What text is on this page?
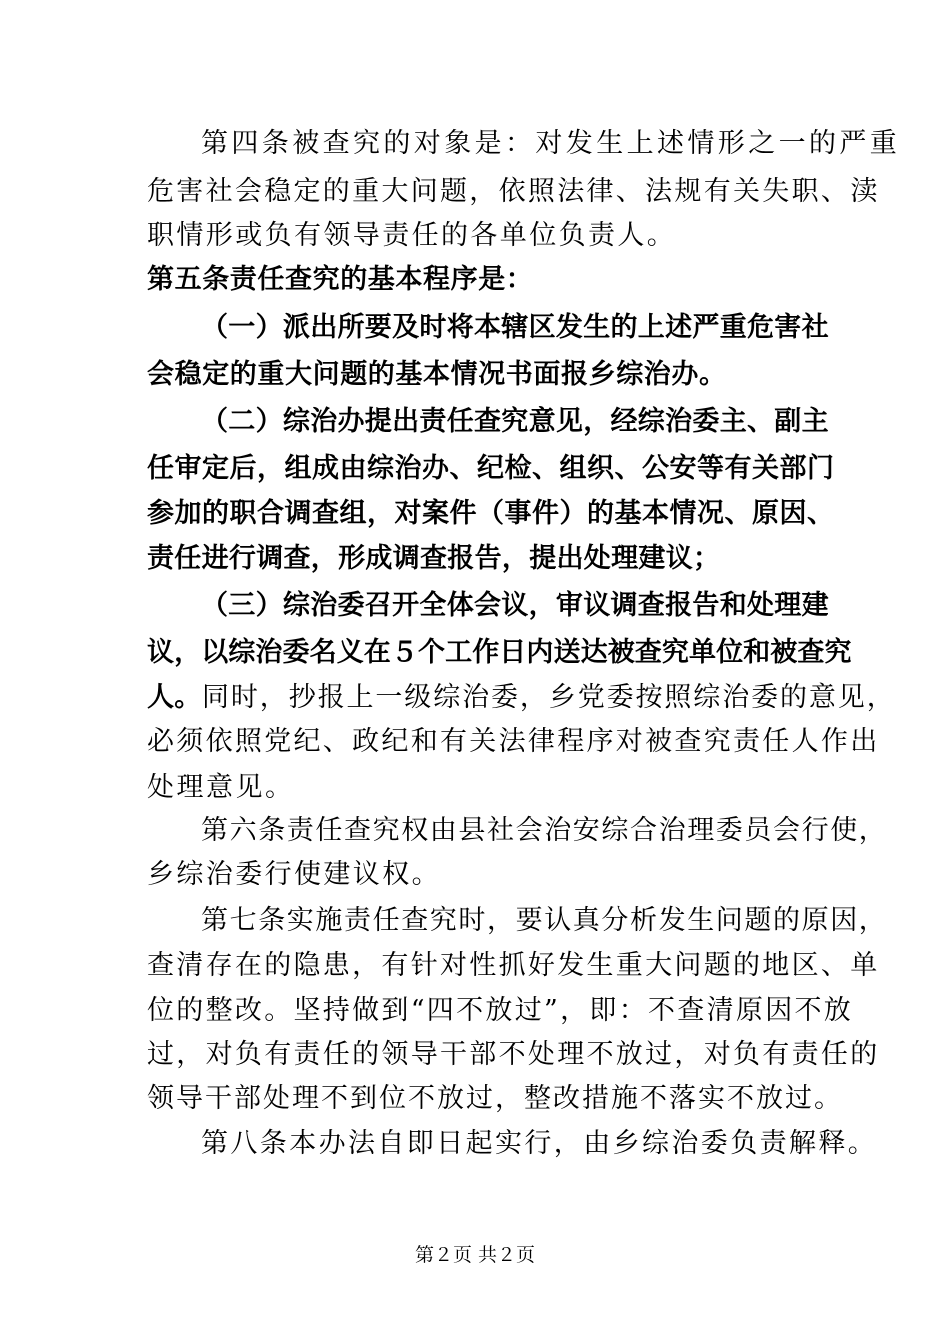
第四条被查究的对象是：对发生上述情形之一的严重
危害社会稳定的重大问题，依照法律、法规有关失职、渎
职情形或负有领导责任的各单位负责人。
第五条责任查究的基本程序是：
（一）派出所要及时将本辖区发生的上述严重危害社
会稳定的重大问题的基本情况书面报乡综治办。
（二）综治办提出责任查究意见，经综治委主、副主
任审定后，组成由综治办、纪检、组织、公安等有关部门
参加的职合调查组，对案件（事件）的基本情况、原因、
责任进行调查，形成调查报告，提出处理建议；
（三）综治委召开全体会议，审议调查报告和处理建
议，以综治委名义在５个工作日内送达被查究单位和被查究
人。 同时，抄报上一级综治委，乡党委按照综治委的意见，
必须依照党纪、政纪和有关法律程序对被查究责任人作出
处理意见。
第六条责任查究权由县社会治安综合治理委员会行使，
乡综治委行使建议权。
第七条实施责任查究时，要认真分析发生问题的原因，
查清存在的隐患，有针对性抓好发生重大问题的地区、单
位的整改。坚持做到“四不放过”，即：不查清原因不放
过，对负有责任的领导干部不处理不放过，对负有责任的
领导干部处理不到位不放过，整改措施不落实不放过。
第八条本办法自即日起实行，由乡综治委负责解释。
第２页 共２页
